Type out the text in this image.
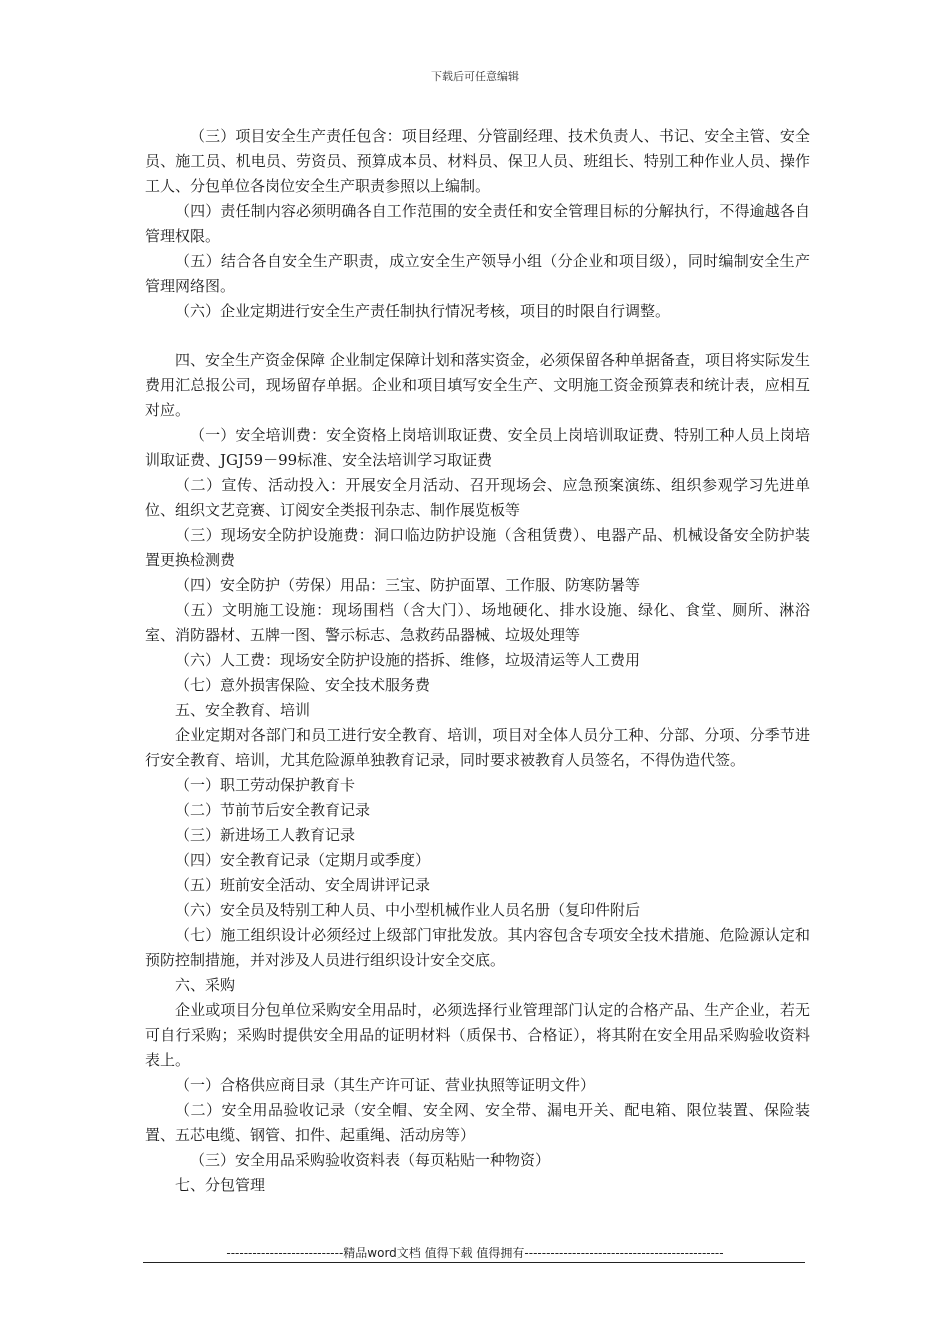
下载后可任意编辑

（三）项目安全生产责任包含：项目经理、分管副经理、技术负责人、书记、安全主管、安全员、施工员、机电员、劳资员、预算成本员、材料员、保卫人员、班组长、特别工种作业人员、操作工人、分包单位各岗位安全生产职责参照以上编制。

（四）责任制内容必须明确各自工作范围的安全责任和安全管理目标的分解执行，不得逾越各自管理权限。

（五）结合各自安全生产职责，成立安全生产领导小组（分企业和项目级），同时编制安全生产管理网络图。

（六）企业定期进行安全生产责任制执行情况考核，项目的时限自行调整。

四、安全生产资金保障 企业制定保障计划和落实资金，必须保留各种单据备查，项目将实际发生费用汇总报公司，现场留存单据。企业和项目填写安全生产、文明施工资金预算表和统计表，应相互对应。

（一）安全培训费：安全资格上岗培训取证费、安全员上岗培训取证费、特别工种人员上岗培训取证费、JGJ59－99标准、安全法培训学习取证费

（二）宣传、活动投入：开展安全月活动、召开现场会、应急预案演练、组织参观学习先进单位、组织文艺竞赛、订阅安全类报刊杂志、制作展览板等

（三）现场安全防护设施费：洞口临边防护设施（含租赁费）、电器产品、机械设备安全防护装置更换检测费

（四）安全防护（劳保）用品：三宝、防护面罩、工作服、防寒防暑等

（五）文明施工设施：现场围档（含大门）、场地硬化、排水设施、绿化、食堂、厕所、淋浴室、消防器材、五牌一图、警示标志、急救药品器械、垃圾处理等

（六）人工费：现场安全防护设施的搭拆、维修，垃圾清运等人工费用

（七）意外损害保险、安全技术服务费

五、安全教育、培训

企业定期对各部门和员工进行安全教育、培训，项目对全体人员分工种、分部、分项、分季节进行安全教育、培训，尤其危险源单独教育记录，同时要求被教育人员签名，不得伪造代签。

（一）职工劳动保护教育卡

（二）节前节后安全教育记录

（三）新进场工人教育记录

（四）安全教育记录（定期月或季度）

（五）班前安全活动、安全周讲评记录

（六）安全员及特别工种人员、中小型机械作业人员名册（复印件附后

（七）施工组织设计必须经过上级部门审批发放。其内容包含专项安全技术措施、危险源认定和预防控制措施，并对涉及人员进行组织设计安全交底。

六、采购

企业或项目分包单位采购安全用品时，必须选择行业管理部门认定的合格产品、生产企业，若无可自行采购；采购时提供安全用品的证明材料（质保书、合格证），将其附在安全用品采购验收资料表上。

（一）合格供应商目录（其生产许可证、营业执照等证明文件）

（二）安全用品验收记录（安全帽、安全网、安全带、漏电开关、配电箱、限位装置、保险装置、五芯电缆、钢管、扣件、起重绳、活动房等）

（三）安全用品采购验收资料表（每页粘贴一种物资）

七、分包管理

---------------------------精品word文档 值得下载 值得拥有----------------------------------------------
